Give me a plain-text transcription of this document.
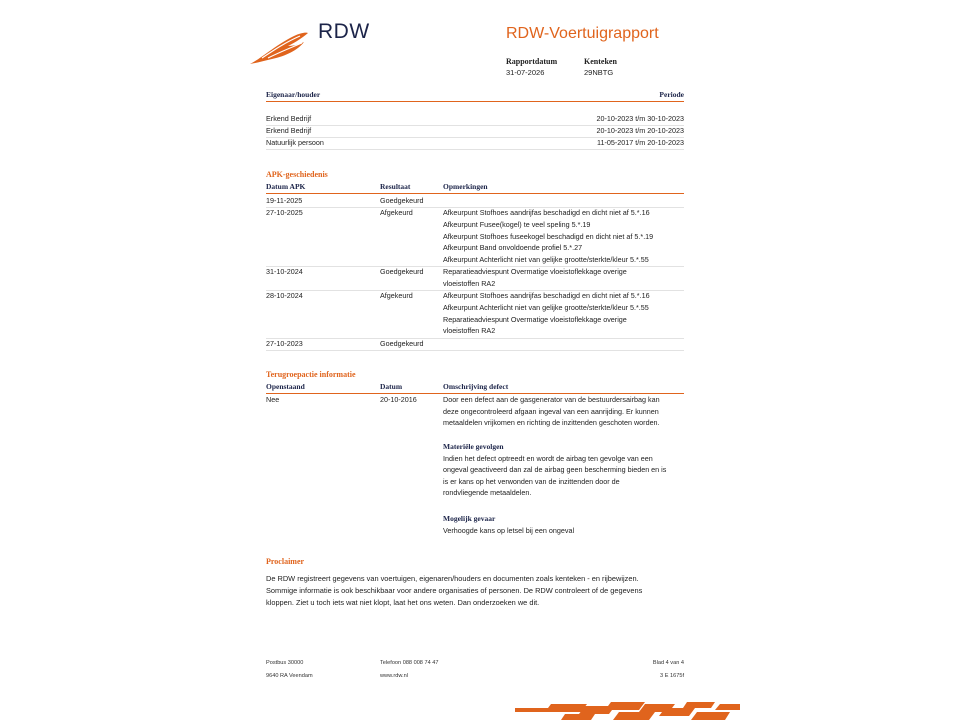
RDW	RDW-Voertuigrapport
Rapportdatum
31-07-2026
Kenteken
29NBTG
Eigenaar/houder	Periode
Erkend Bedrijf	20-10-2023 t/m 30-10-2023
Erkend Bedrijf	20-10-2023 t/m 20-10-2023
Natuurlijk persoon	11-05-2017 t/m 20-10-2023
APK-geschiedenis
Datum APK	Resultaat	Opmerkingen
19-11-2025	Goedgekeurd
27-10-2025	Afgekeurd	Afkeurpunt Stofhoes aandrijfas beschadigd en dicht niet af 5.*.16
Afkeurpunt Fusee(kogel) te veel speling 5.*.19
Afkeurpunt Stofhoes fuseekogel beschadigd en dicht niet af 5.*.19
Afkeurpunt Band onvoldoende profiel 5.*.27
Afkeurpunt Achterlicht niet van gelijke grootte/sterkte/kleur 5.*.55
31-10-2024	Goedgekeurd	Reparatieadviespunt Overmatige vloeistoflekkage overige
vloeistoffen RA2
28-10-2024	Afgekeurd	Afkeurpunt Stofhoes aandrijfas beschadigd en dicht niet af 5.*.16
Afkeurpunt Achterlicht niet van gelijke grootte/sterkte/kleur 5.*.55
Reparatieadviespunt Overmatige vloeistoflekkage overige
vloeistoffen RA2
27-10-2023	Goedgekeurd
Terugroepactie informatie
Openstaand	Datum	Omschrijving defect
Nee	20-10-2016	Door een defect aan de gasgenerator van de bestuurdersairbag kan
deze ongecontroleerd afgaan ingeval van een aanrijding. Er kunnen
metaaldelen vrijkomen en richting de inzittenden geschoten worden.
Materiële gevolgen
Indien het defect optreedt en wordt de airbag ten gevolge van een
ongeval geactiveerd dan zal de airbag geen bescherming bieden en is
is er kans op het verwonden van de inzittenden door de
rondvliegende metaaldelen.
Mogelijk gevaar
Verhoogde kans op letsel bij een ongeval
Proclaimer
De RDW registreert gegevens van voertuigen, eigenaren/houders en documenten zoals kenteken - en rijbewijzen.
Sommige informatie is ook beschikbaar voor andere organisaties of personen. De RDW controleert of de gegevens
kloppen. Ziet u toch iets wat niet klopt, laat het ons weten. Dan onderzoeken we dit.
Postbus 30000
9640 RA Veendam
Telefoon 088 008 74 47
www.rdw.nl
Blad 4 van 4
3 E 1675f
